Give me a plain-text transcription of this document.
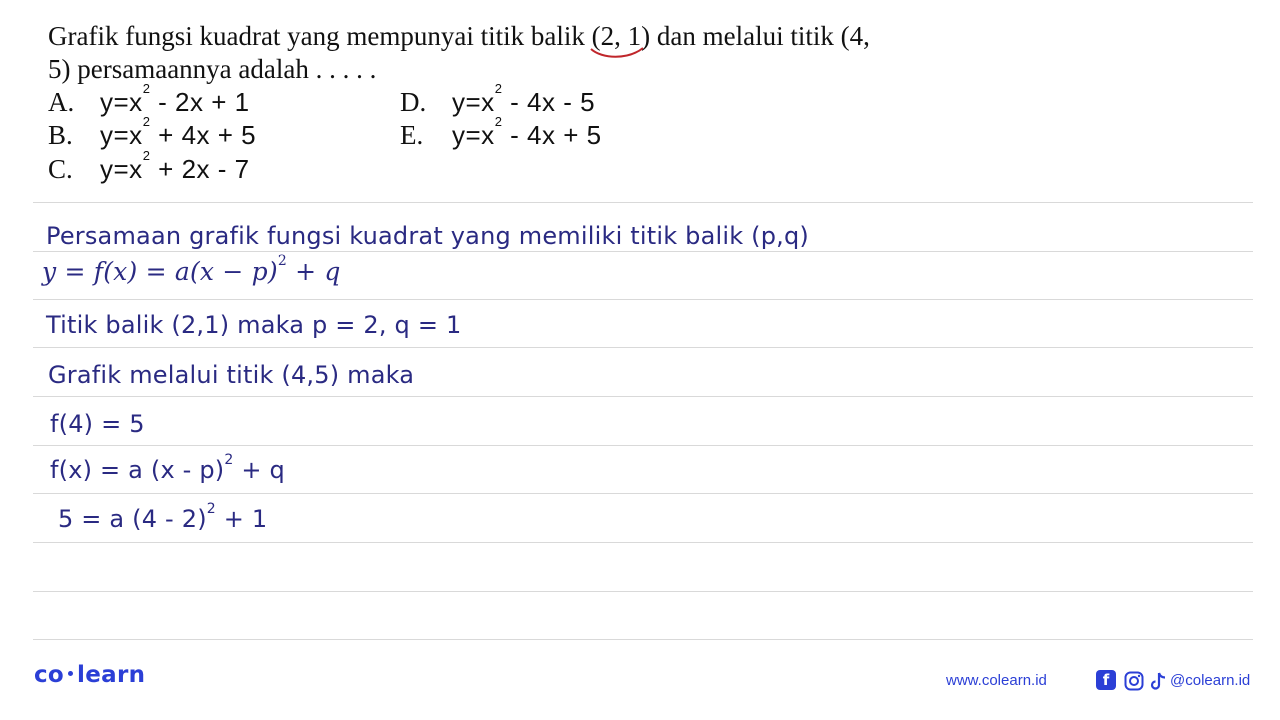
Grafik fungsi kuadrat yang mempunyai titik balik (2, 1)
dan melalui titik (4,
5) persamaannya adalah . . . . .
A. $y=x^2 - 2x + 1$
B. $y=x^2 + 4x + 5$
C. $y=x^2 + 2x - 7$
D. $y=x^2 - 4x - 5$
E. $y=x^2 - 4x + 5$
Persamaan grafik fungsi kuadrat yang memiliki titik balik (p,q)
$y = f(x) = a(x - p)^2 + q$
Titik balik (2,1) maka p = 2, q = 1
Grafik melalui titik (4,5) maka
f(4) = 5
f(x) = a (x - p)$^2$ + q
5 = a (4 - 2)$^2$ + 1
co learn	www.colearn.id	f	@colearn.id
